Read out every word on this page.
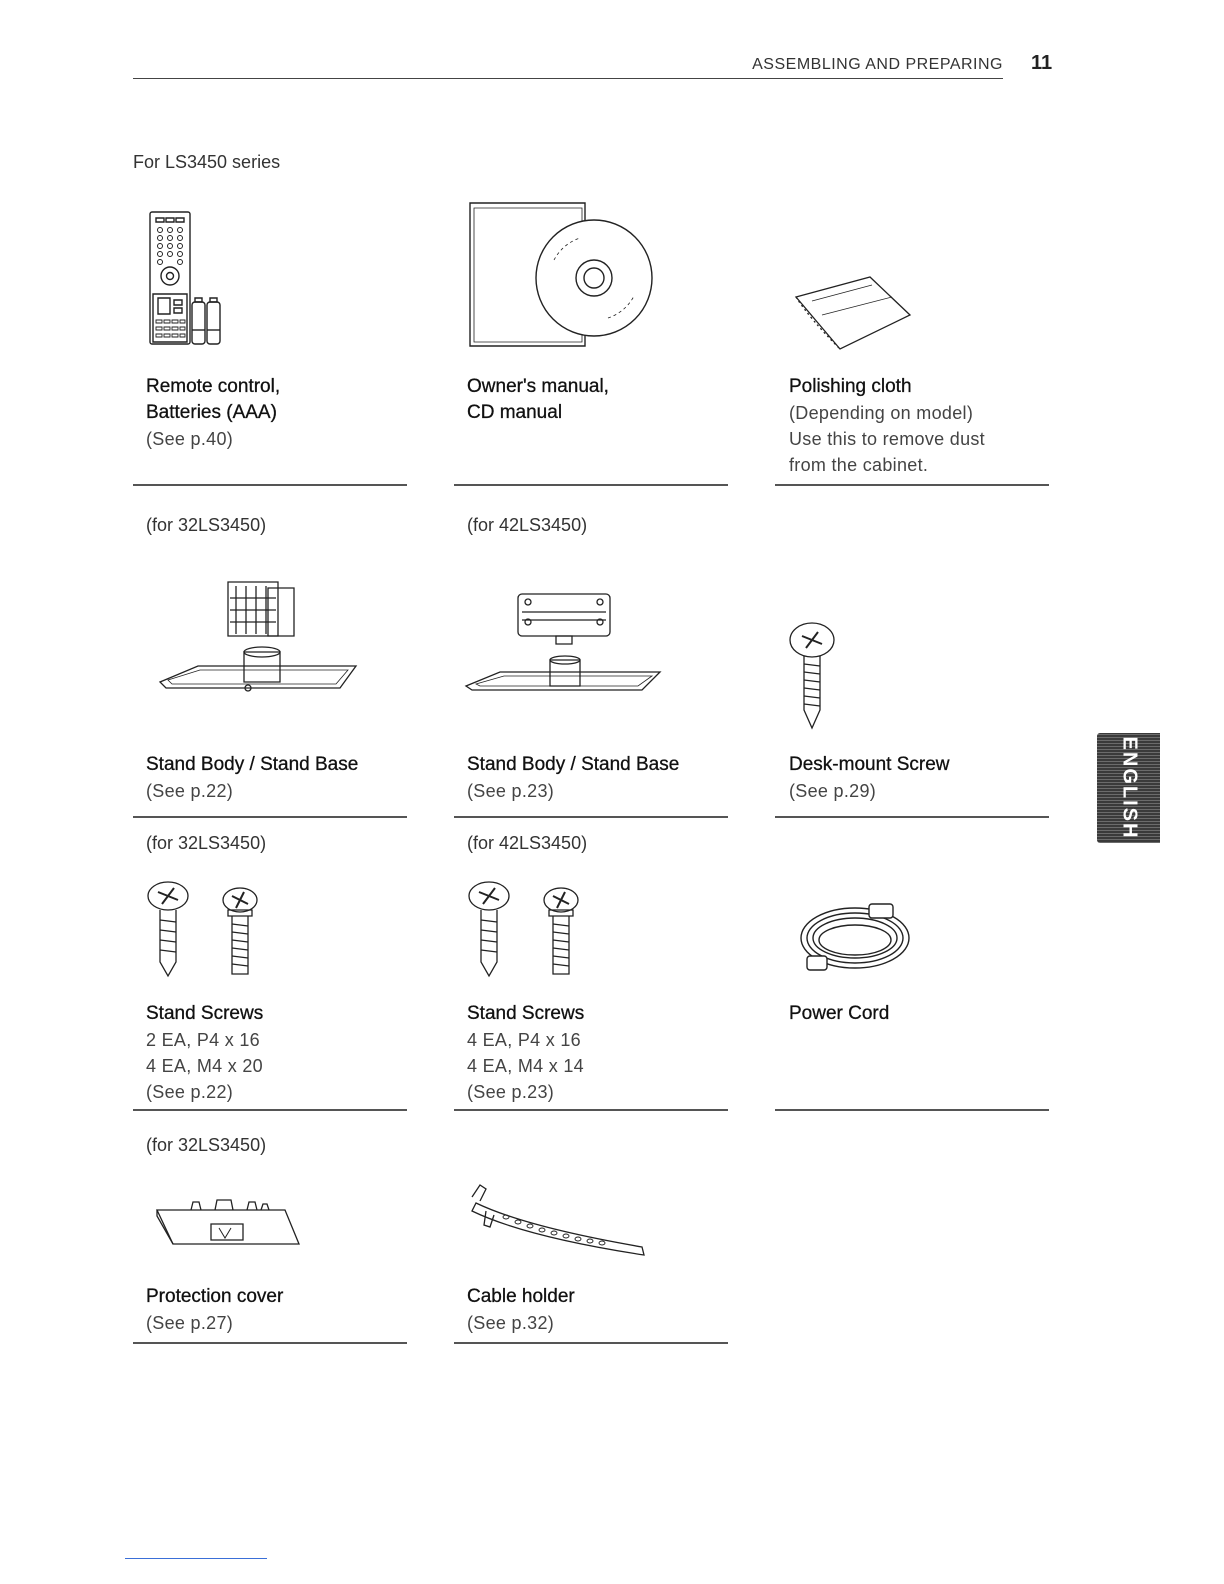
ASSEMBLING AND PREPARING 11
For LS3450 series
ENGLISH
Remote control,
Batteries (AAA)
(See p.40)
Owner's manual,
CD manual
Polishing cloth
(Depending on model)
Use this to remove dust
from the cabinet.
(for 32LS3450)	(for 42LS3450)
Stand Body / Stand Base
(See p.22)
Stand Body / Stand Base
(See p.23)
Desk-mount Screw
(See p.29)
(for 32LS3450)	(for 42LS3450)
Stand Screws
2 EA, P4 x 16
4 EA, M4 x 20
(See p.22)
Stand Screws
4 EA, P4 x 16
4 EA, M4 x 14
(See p.23)
Power Cord
(for 32LS3450)
Protection cover
(See p.27)
Cable holder
(See p.32)
